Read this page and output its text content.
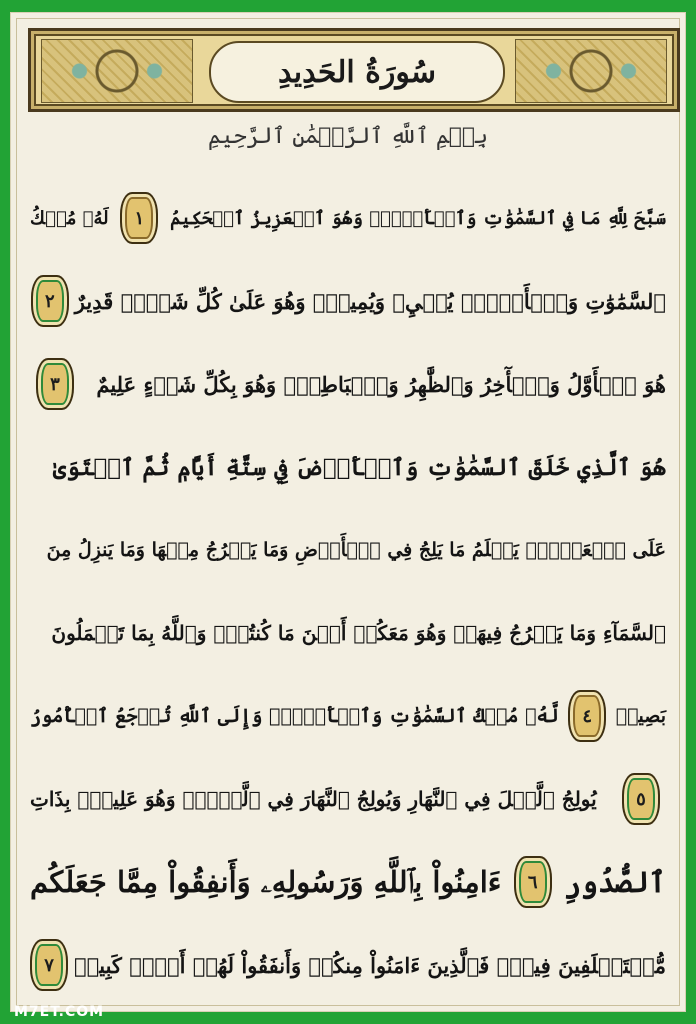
سُورَةُ الحَدِيدِ
بِسۡمِ ٱللَّهِ ٱلرَّحۡمَٰنِ ٱلرَّحِيمِ
سَبَّحَ لِلَّهِ مَا فِي ٱلسَّمَٰوَٰتِ وَٱلۡأَرۡضِۖ وَهُوَ ٱلۡعَزِيزُ ٱلۡحَكِيمُ
١
لَهُۥ مُلۡكُ
ٱلسَّمَٰوَٰتِ وَٱلۡأَرۡضِۖ يُحۡيِۦ وَيُمِيتُۖ وَهُوَ عَلَىٰ كُلِّ شَيۡءٖ قَدِيرٌ
٢
هُوَ ٱلۡأَوَّلُ وَٱلۡأٓخِرُ وَٱلظَّٰهِرُ وَٱلۡبَاطِنُۖ وَهُوَ بِكُلِّ شَيۡءٍ عَلِيمٌ
٣
هُوَ ٱلَّذِي خَلَقَ ٱلسَّمَٰوَٰتِ وَٱلۡأَرۡضَ فِي سِتَّةِ أَيَّامٖ ثُمَّ ٱسۡتَوَىٰ
عَلَى ٱلۡعَرۡشِۚ يَعۡلَمُ مَا يَلِجُ فِي ٱلۡأَرۡضِ وَمَا يَخۡرُجُ مِنۡهَا وَمَا يَنزِلُ مِنَ
ٱلسَّمَآءِ وَمَا يَعۡرُجُ فِيهَاۖ وَهُوَ مَعَكُمۡ أَيۡنَ مَا كُنتُمۡۚ وَٱللَّهُ بِمَا تَعۡمَلُونَ
بَصِيرٞ
٤
لَّهُۥ مُلۡكُ ٱلسَّمَٰوَٰتِ وَٱلۡأَرۡضِۚ وَإِلَى ٱللَّهِ تُرۡجَعُ ٱلۡأُمُورُ
٥
يُولِجُ ٱلَّيۡلَ فِي ٱلنَّهَارِ وَيُولِجُ ٱلنَّهَارَ فِي ٱلَّيۡلِۚ وَهُوَ عَلِيمُۢ بِذَاتِ
ٱلصُّدُورِ
٦
ءَامِنُواْ بِٱللَّهِ وَرَسُولِهِۦ وَأَنفِقُواْ مِمَّا جَعَلَكُم
مُّسۡتَخۡلَفِينَ فِيهِۖ فَٱلَّذِينَ ءَامَنُواْ مِنكُمۡ وَأَنفَقُواْ لَهُمۡ أَجۡرٞ كَبِيرٞ
٧
M7ET.COM
